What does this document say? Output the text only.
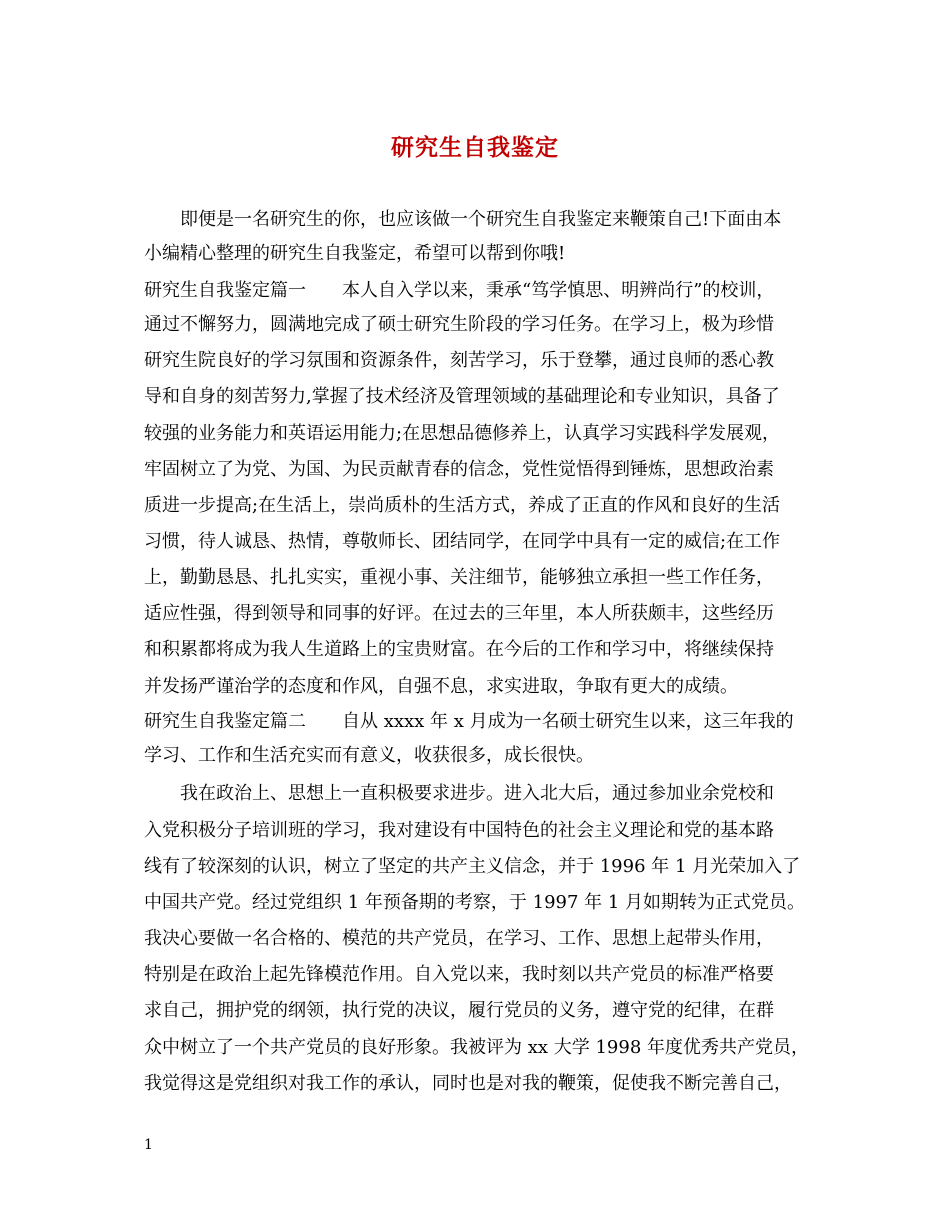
研究生自我鉴定
即便是一名研究生的你，也应该做一个研究生自我鉴定来鞭策自己!下面由本
小编精心整理的研究生自我鉴定，希望可以帮到你哦!
研究生自我鉴定篇一 本人自入学以来，秉承“笃学慎思、明辨尚行”的校训，
通过不懈努力，圆满地完成了硕士研究生阶段的学习任务。在学习上，极为珍惜
研究生院良好的学习氛围和资源条件，刻苦学习，乐于登攀，通过良师的悉心教
导和自身的刻苦努力,掌握了技术经济及管理领域的基础理论和专业知识，具备了
较强的业务能力和英语运用能力;在思想品德修养上，认真学习实践科学发展观，
牢固树立了为党、为国、为民贡献青春的信念，党性觉悟得到锤炼，思想政治素
质进一步提高;在生活上，崇尚质朴的生活方式，养成了正直的作风和良好的生活
习惯，待人诚恳、热情，尊敬师长、团结同学，在同学中具有一定的威信;在工作
上，勤勤恳恳、扎扎实实，重视小事、关注细节，能够独立承担一些工作任务，
适应性强，得到领导和同事的好评。在过去的三年里，本人所获颇丰，这些经历
和积累都将成为我人生道路上的宝贵财富。在今后的工作和学习中，将继续保持
并发扬严谨治学的态度和作风，自强不息，求实进取，争取有更大的成绩。
研究生自我鉴定篇二 自从 xxxx 年 x 月成为一名硕士研究生以来，这三年我的
学习、工作和生活充实而有意义，收获很多，成长很快。
我在政治上、思想上一直积极要求进步。进入北大后，通过参加业余党校和
入党积极分子培训班的学习，我对建设有中国特色的社会主义理论和党的基本路
线有了较深刻的认识，树立了坚定的共产主义信念，并于 1996 年 1 月光荣加入了
中国共产党。经过党组织 1 年预备期的考察，于 1997 年 1 月如期转为正式党员。
我决心要做一名合格的、模范的共产党员，在学习、工作、思想上起带头作用，
特别是在政治上起先锋模范作用。自入党以来，我时刻以共产党员的标准严格要
求自己，拥护党的纲领，执行党的决议，履行党员的义务，遵守党的纪律，在群
众中树立了一个共产党员的良好形象。我被评为 xx 大学 1998 年度优秀共产党员，
我觉得这是党组织对我工作的承认，同时也是对我的鞭策，促使我不断完善自己，
1
